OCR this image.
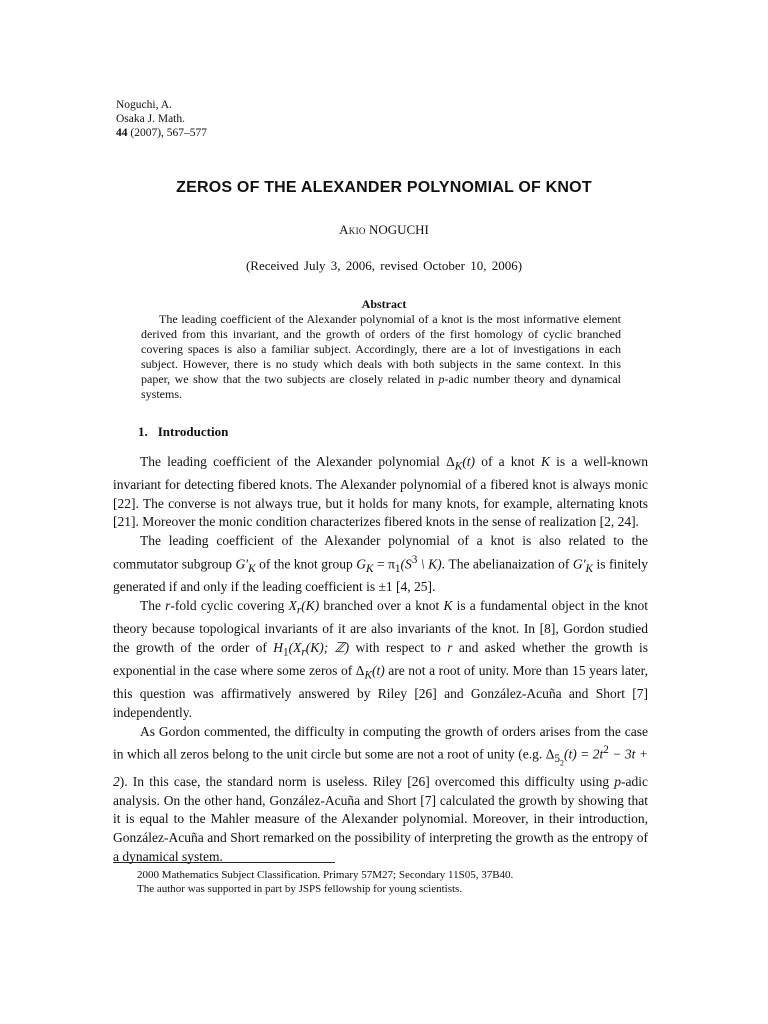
Noguchi, A.
Osaka J. Math.
44 (2007), 567–577
ZEROS OF THE ALEXANDER POLYNOMIAL OF KNOT
Akio NOGUCHI
(Received July 3, 2006, revised October 10, 2006)
Abstract
The leading coefficient of the Alexander polynomial of a knot is the most informative element derived from this invariant, and the growth of orders of the first homology of cyclic branched covering spaces is also a familiar subject. Accordingly, there are a lot of investigations in each subject. However, there is no study which deals with both subjects in the same context. In this paper, we show that the two subjects are closely related in p-adic number theory and dynamical systems.
1. Introduction

The leading coefficient of the Alexander polynomial $\Delta_K(t)$ of a knot K is a well-known invariant for detecting fibered knots. The Alexander polynomial of a fibered knot is always monic [22]. The converse is not always true, but it holds for many knots, for example, alternating knots [21]. Moreover the monic condition characterizes fibered knots in the sense of realization [2, 24].

The leading coefficient of the Alexander polynomial of a knot is also related to the commutator subgroup $G'_K$ of the knot group $G_K = \pi_1(S^3$ \ K). The abelianaization of $G'_K$ is finitely generated if and only if the leading coefficient is ±1 [4, 25].

The r-fold cyclic covering $X_r(K)$ branched over a knot K is a fundamental object in the knot theory because topological invariants of it are also invariants of the knot. In [8], Gordon studied the growth of the order of $H_1(X_r(K)$; ℤ) with respect to r and asked whether the growth is exponential in the case where some zeros of $\Delta_K(t)$ are not a root of unity. More than 15 years later, this question was affirmatively answered by Riley [26] and González-Acuña and Short [7] independently.

As Gordon commented, the difficulty in computing the growth of orders arises from the case in which all zeros belong to the unit circle but some are not a root of unity (e.g. $\Delta_{5_2}(t) = 2t^2 - 3t + 2$). In this case, the standard norm is useless. Riley [26] overcomed this difficulty using p-adic analysis. On the other hand, González-Acuña and Short [7] calculated the growth by showing that it is equal to the Mahler measure of the Alexander polynomial. Moreover, in their introduction, González-Acuña and Short remarked on the possibility of interpreting the growth as the entropy of a dynamical system.

2000 Mathematics Subject Classification. Primary 57M27; Secondary 11S05, 37B40.
The author was supported in part by JSPS fellowship for young scientists.
